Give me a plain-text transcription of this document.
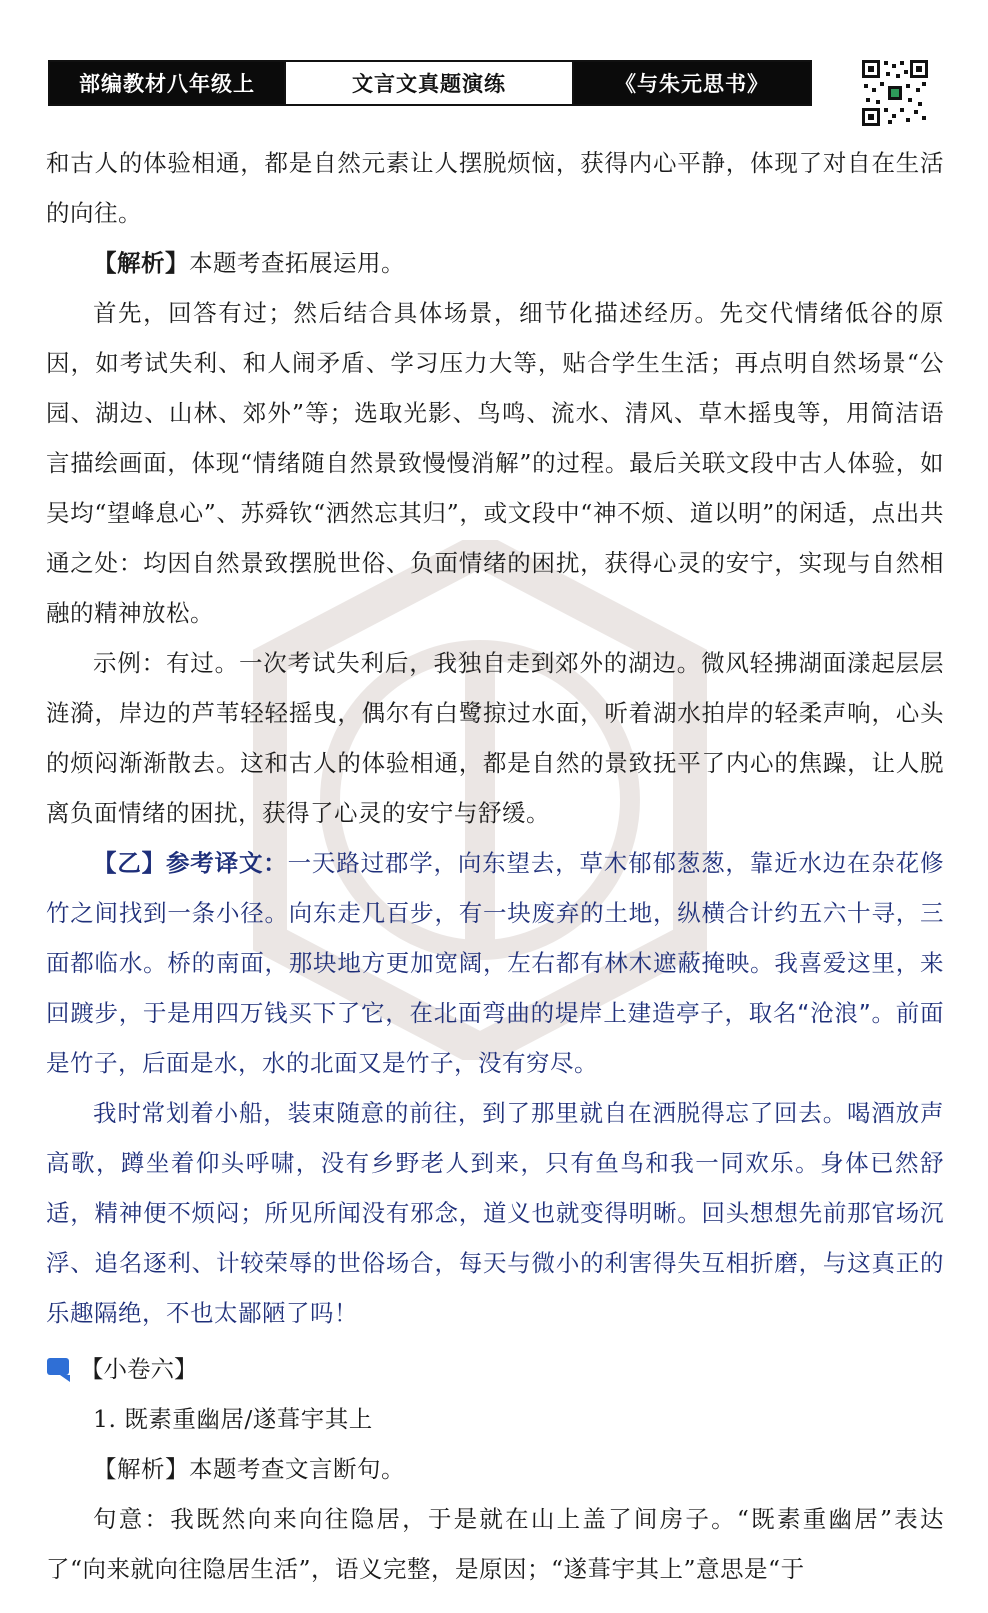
部编教材八年级上	文言文真题演练	《与朱元思书》

和古人的体验相通，都是自然元素让人摆脱烦恼，获得内心平静，体现了对自在生活的向往。

【解析】本题考查拓展运用。

首先，回答有过；然后结合具体场景，细节化描述经历。先交代情绪低谷的原因，如考试失利、和人闹矛盾、学习压力大等，贴合学生生活；再点明自然场景“公园、湖边、山林、郊外”等；选取光影、鸟鸣、流水、清风、草木摇曳等，用简洁语言描绘画面，体现“情绪随自然景致慢慢消解”的过程。最后关联文段中古人体验，如吴均“望峰息心”、苏舜钦“洒然忘其归”，或文段中“神不烦、道以明”的闲适，点出共通之处：均因自然景致摆脱世俗、负面情绪的困扰，获得心灵的安宁，实现与自然相融的精神放松。

示例：有过。一次考试失利后，我独自走到郊外的湖边。微风轻拂湖面漾起层层涟漪，岸边的芦苇轻轻摇曳，偶尔有白鹭掠过水面，听着湖水拍岸的轻柔声响，心头的烦闷渐渐散去。这和古人的体验相通，都是自然的景致抚平了内心的焦躁，让人脱离负面情绪的困扰，获得了心灵的安宁与舒缓。

【乙】参考译文：一天路过郡学，向东望去，草木郁郁葱葱，靠近水边在杂花修竹之间找到一条小径。向东走几百步，有一块废弃的土地，纵横合计约五六十寻，三面都临水。桥的南面，那块地方更加宽阔，左右都有林木遮蔽掩映。我喜爱这里，来回踱步，于是用四万钱买下了它，在北面弯曲的堤岸上建造亭子，取名“沧浪”。前面是竹子，后面是水，水的北面又是竹子，没有穷尽。

我时常划着小船，装束随意的前往，到了那里就自在洒脱得忘了回去。喝酒放声高歌，蹲坐着仰头呼啸，没有乡野老人到来，只有鱼鸟和我一同欢乐。身体已然舒适，精神便不烦闷；所见所闻没有邪念，道义也就变得明晰。回头想想先前那官场沉浮、追名逐利、计较荣辱的世俗场合，每天与微小的利害得失互相折磨，与这真正的乐趣隔绝，不也太鄙陋了吗！

【小卷六】

1. 既素重幽居/遂葺宇其上

【解析】本题考查文言断句。

句意：我既然向来向往隐居，于是就在山上盖了间房子。“既素重幽居”表达了“向来就向往隐居生活”，语义完整，是原因；“遂葺宇其上”意思是“于
